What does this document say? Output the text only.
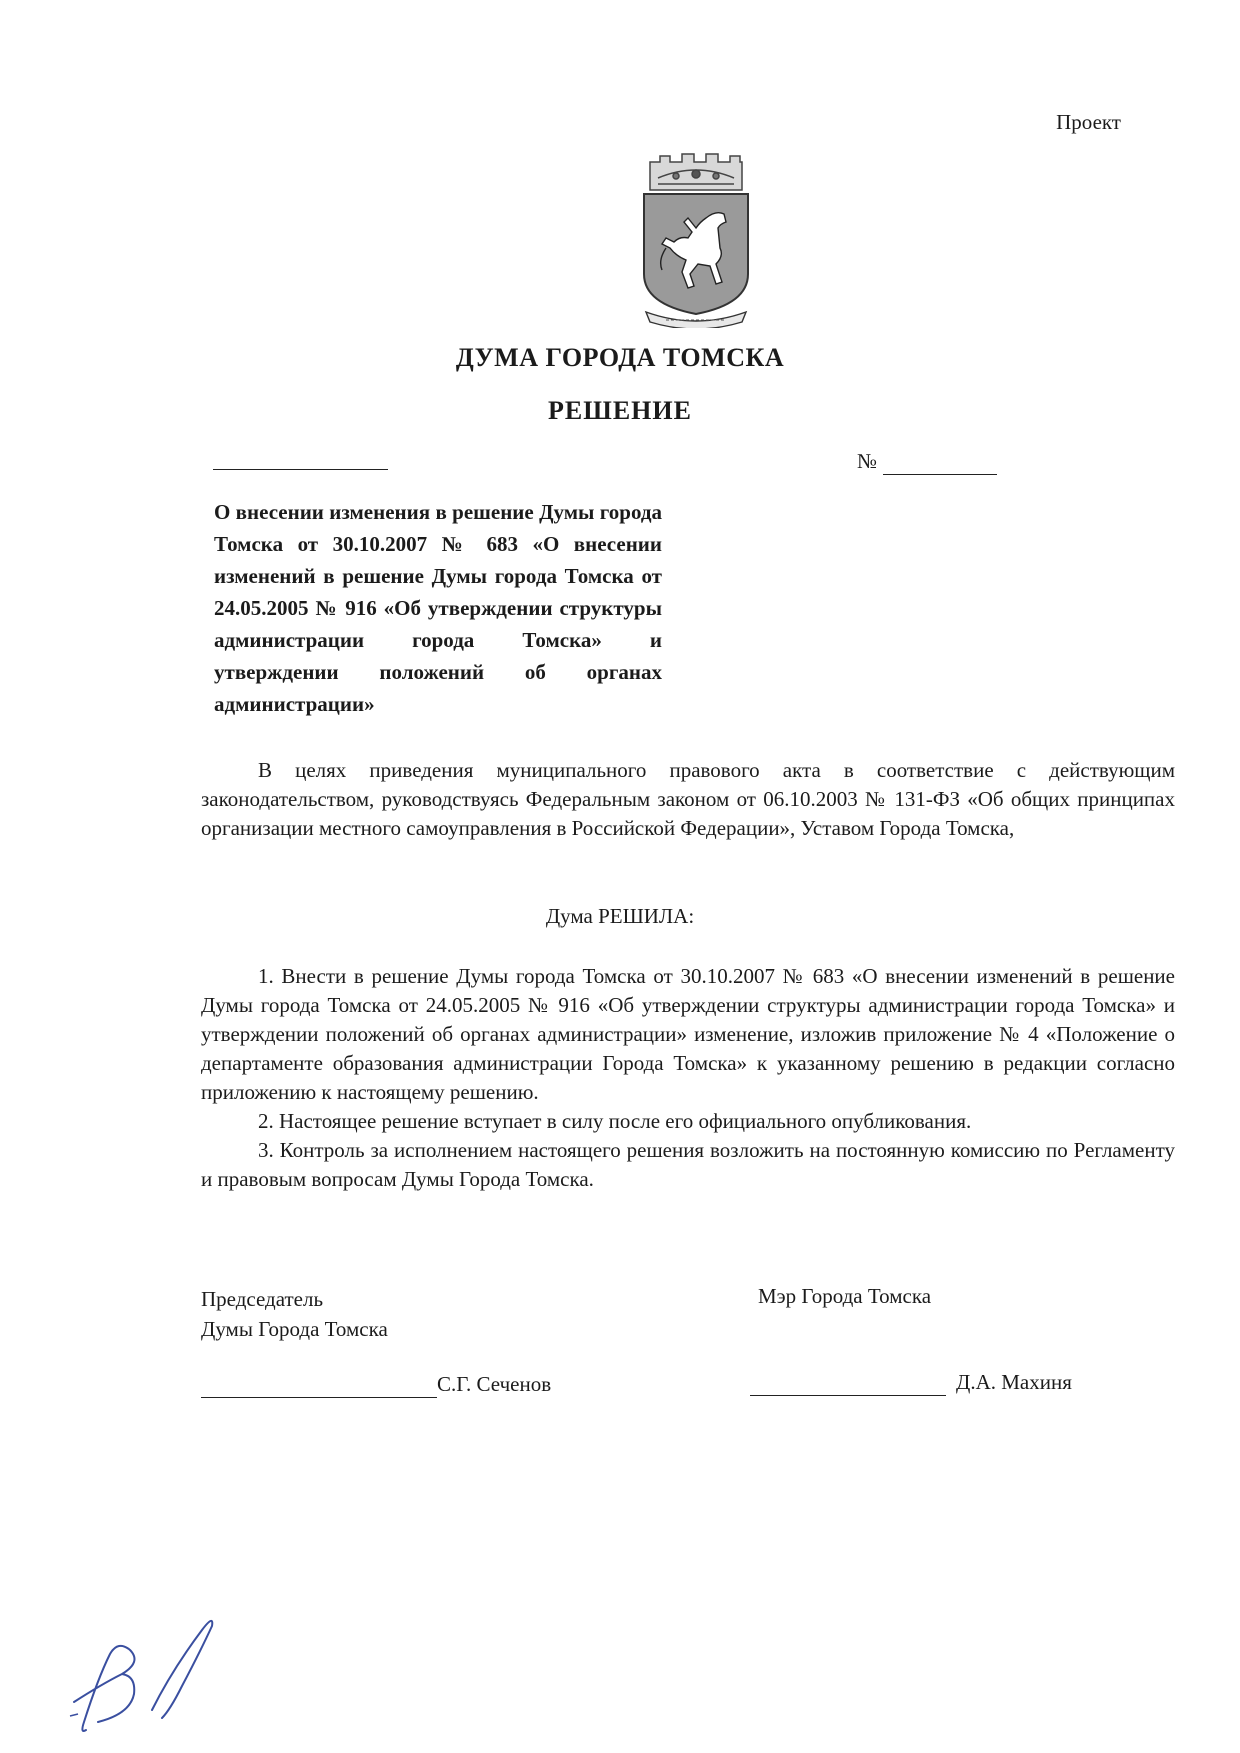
Проект
ДУМА ГОРОДА ТОМСКА
РЕШЕНИЕ
№
О внесении изменения в решение Думы города Томска от 30.10.2007 № 683 «О внесении изменений в решение Думы города Томска от 24.05.2005 № 916 «Об утверждении структуры администрации города Томска» и утверждении положений об органах администрации»
В целях приведения муниципального правового акта в соответствие с действующим законодательством, руководствуясь Федеральным законом от 06.10.2003 № 131-ФЗ «Об общих принципах организации местного самоуправления в Российской Федерации», Уставом Города Томска,
Дума РЕШИЛА:

1. Внести в решение Думы города Томска от 30.10.2007 № 683 «О внесении изменений в решение Думы города Томска от 24.05.2005 № 916 «Об утверждении структуры администрации города Томска» и утверждении положений об органах администрации» изменение, изложив приложение № 4 «Положение о департаменте образования администрации Города Томска» к указанному решению в редакции согласно приложению к настоящему решению.

2. Настоящее решение вступает в силу после его официального опубликования.

3. Контроль за исполнением настоящего решения возложить на постоянную комиссию по Регламенту и правовым вопросам Думы Города Томска.

Председатель
Думы Города Томска
Мэр Города Томска
С.Г. Сеченов	Д.А. Махиня
